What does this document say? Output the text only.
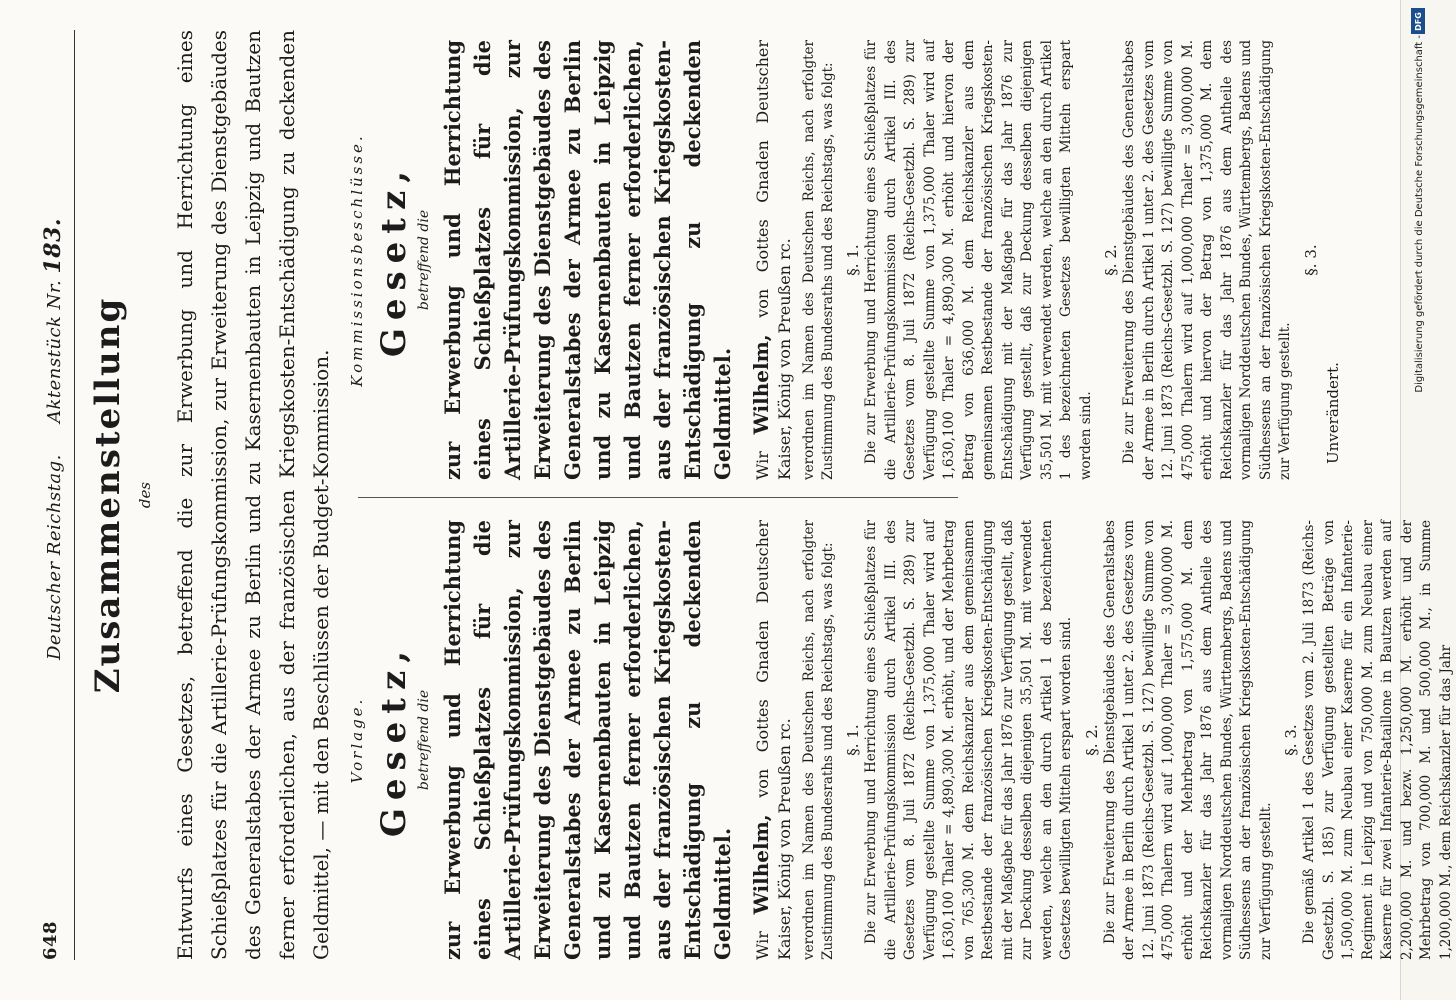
648
Deutscher Reichstag.     Aktenstück Nr. 183.
Zusammenstellung des Entwurfs eines Gesetzes, betreffend die zur Erwerbung und Herrichtung eines Schießplatzes für die Artillerie-Prüfungskommission, zur Erweiterung des Dienstgebäudes des Generalstabes der Armee zu Berlin und zu Kasernenbauten in Leipzig und Bautzen ferner erforderlichen, aus der französischen Kriegskosten-Entschädigung zu deckenden Geldmittel, — mit den Beschlüssen der Budget-Kommission.	Vorlage. Gesetz, betreffend die zur Erwerbung und Herrichtung eines Schießplatzes für die Artillerie-Prüfungskommission, zur Erweiterung des Dienstgebäudes des Generalstabes der Armee zu Berlin und zu Kasernenbauten in Leipzig und Bautzen ferner erforderlichen, aus der französischen Kriegskosten-Entschädigung zu deckenden Geldmittel. Wir Wilhelm, von Gottes Gnaden Deutscher Kaiser, König von Preußen rc. verordnen im Namen des Deutschen Reichs, nach erfolgter Zustimmung des Bundesraths und des Reichstags, was folgt: §. 1. Die zur Erwerbung und Herrichtung eines Schießplatzes für die Artillerie-Prüfungskommission durch Artikel III. des Gesetzes vom 8. Juli 1872 (Reichs-Gesetzbl. S. 289) zur Verfügung gestellte Summe von 1,375,000 Thaler wird auf 1,630,100 Thaler = 4,890,300 M. erhöht, und der Mehrbetrag von 765,300 M. dem Reichskanzler aus dem gemeinsamen Restbestande der französischen Kriegskosten-Entschädigung mit der Maßgabe für das Jahr 1876 zur Verfügung gestellt, daß zur Deckung desselben diejenigen 35,501 M. mit verwendet werden, welche an den durch Artikel 1 des bezeichneten Gesetzes bewilligten Mitteln erspart worden sind. §. 2. Die zur Erweiterung des Dienstgebäudes des Generalstabes der Armee in Berlin durch Artikel 1 unter 2. des Gesetzes vom 12. Juni 1873 (Reichs-Gesetzbl. S. 127) bewilligte Summe von 475,000 Thalern wird auf 1,000,000 Thaler = 3,000,000 M. erhöht und der Mehrbetrag von 1,575,000 M. dem Reichskanzler für das Jahr 1876 aus dem Antheile des vormaligen Norddeutschen Bundes, Württembergs, Badens und Südhessens an der französischen Kriegskosten-Entschädigung zur Verfügung gestellt.
§. 3. Die gemäß Artikel 1 des Gesetzes vom 2. Juli 1873 (Reichs-Gesetzbl. S. 185) zur Verfügung gestellten Beträge von 1,500,000 M. zum Neubau einer Kaserne für ein Infanterie-Regiment in Leipzig und von 750,000 M. zum Neubau einer Kaserne für zwei Infanterie-Bataillone in Bautzen werden auf 2,200,000 M. und bezw. 1,250,000 M. erhöht und der Mehrbetrag von 700,000 M. und 500,000 M., in Summe 1,200,000 M., dem Reichskanzler für das Jahr
Kommissionsbeschlüsse. Gesetz, betreffend die zur Erwerbung und Herrichtung eines Schießplatzes für die Artillerie-Prüfungskommission, zur Erweiterung des Dienstgebäudes des Generalstabes der Armee zu Berlin und zu Kasernenbauten in Leipzig und Bautzen ferner erforderlichen, aus der französischen Kriegskosten-Entschädigung zu deckenden Geldmittel. Wir Wilhelm, von Gottes Gnaden Deutscher Kaiser, König von Preußen rc. verordnen im Namen des Deutschen Reichs, nach erfolgter Zustimmung des Bundesraths und des Reichstags, was folgt: §. 1. Die zur Erwerbung und Herrichtung eines Schießplatzes für die Artillerie-Prüfungskommission durch Artikel III. des Gesetzes vom 8. Juli 1872 (Reichs-Gesetzbl. S. 289) zur Verfügung gestellte Summe von 1,375,000 Thaler wird auf 1,630,100 Thaler = 4,890,300 M. erhöht und hiervon der Betrag von 636,000 M. dem Reichskanzler aus dem gemeinsamen Restbestande der französischen Kriegskosten-Entschädigung mit der Maßgabe für das Jahr 1876 zur Verfügung gestellt, daß zur Deckung desselben diejenigen 35,501 M. mit verwendet werden, welche an den durch Artikel 1 des bezeichneten Gesetzes bewilligten Mitteln erspart worden sind.
§. 2. Die zur Erweiterung des Dienstgebäudes des Generalstabes der Armee in Berlin durch Artikel 1 unter 2. des Gesetzes vom 12. Juni 1873 (Reichs-Gesetzbl. S. 127) bewilligte Summe von 475,000 Thalern wird auf 1,000,000 Thaler = 3,000,000 M. erhöht und hiervon der Betrag von 1,375,000 M. dem Reichskanzler für das Jahr 1876 aus dem Antheile des vormaligen Norddeutschen Bundes, Württembergs, Badens und Südhessens an der französischen Kriegskosten-Entschädigung zur Verfügung gestellt.
§. 3.
Unverändert.
Digitalisierung gefördert durch die Deutsche Forschungsgemeinschaft -
DFG
